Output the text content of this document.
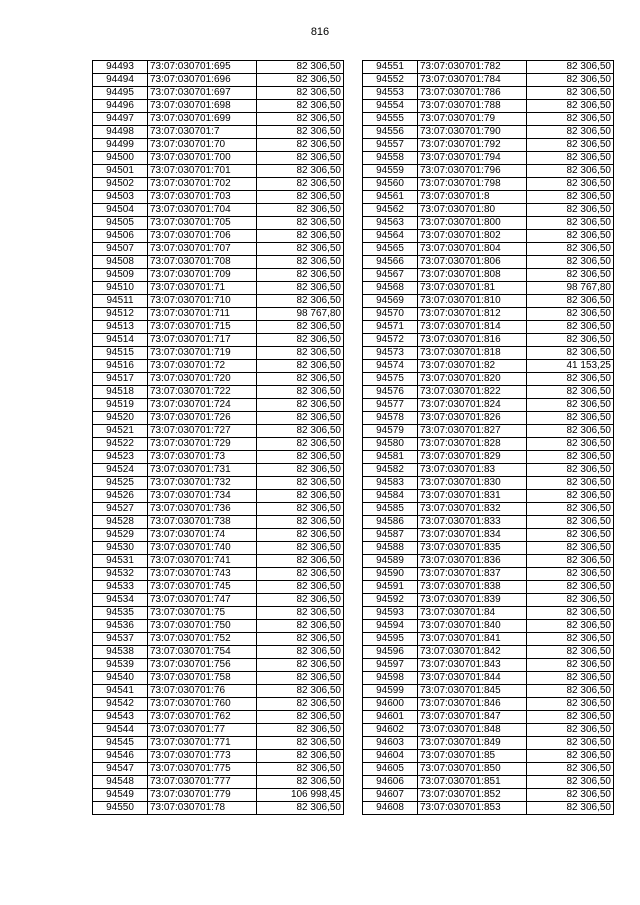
816
94493	73:07:030701:695	82 306,50
94494	73:07:030701:696	82 306,50
94495	73:07:030701:697	82 306,50
94496	73:07:030701:698	82 306,50
94497	73:07:030701:699	82 306,50
94498	73:07:030701:7	82 306,50
94499	73:07:030701:70	82 306,50
94500	73:07:030701:700	82 306,50
94501	73:07:030701:701	82 306,50
94502	73:07:030701:702	82 306,50
94503	73:07:030701:703	82 306,50
94504	73:07:030701:704	82 306,50
94505	73:07:030701:705	82 306,50
94506	73:07:030701:706	82 306,50
94507	73:07:030701:707	82 306,50
94508	73:07:030701:708	82 306,50
94509	73:07:030701:709	82 306,50
94510	73:07:030701:71	82 306,50
94511	73:07:030701:710	82 306,50
94512	73:07:030701:711	98 767,80
94513	73:07:030701:715	82 306,50
94514	73:07:030701:717	82 306,50
94515	73:07:030701:719	82 306,50
94516	73:07:030701:72	82 306,50
94517	73:07:030701:720	82 306,50
94518	73:07:030701:722	82 306,50
94519	73:07:030701:724	82 306,50
94520	73:07:030701:726	82 306,50
94521	73:07:030701:727	82 306,50
94522	73:07:030701:729	82 306,50
94523	73:07:030701:73	82 306,50
94524	73:07:030701:731	82 306,50
94525	73:07:030701:732	82 306,50
94526	73:07:030701:734	82 306,50
94527	73:07:030701:736	82 306,50
94528	73:07:030701:738	82 306,50
94529	73:07:030701:74	82 306,50
94530	73:07:030701:740	82 306,50
94531	73:07:030701:741	82 306,50
94532	73:07:030701:743	82 306,50
94533	73:07:030701:745	82 306,50
94534	73:07:030701:747	82 306,50
94535	73:07:030701:75	82 306,50
94536	73:07:030701:750	82 306,50
94537	73:07:030701:752	82 306,50
94538	73:07:030701:754	82 306,50
94539	73:07:030701:756	82 306,50
94540	73:07:030701:758	82 306,50
94541	73:07:030701:76	82 306,50
94542	73:07:030701:760	82 306,50
94543	73:07:030701:762	82 306,50
94544	73:07:030701:77	82 306,50
94545	73:07:030701:771	82 306,50
94546	73:07:030701:773	82 306,50
94547	73:07:030701:775	82 306,50
94548	73:07:030701:777	82 306,50
94549	73:07:030701:779	106 998,45
94550	73:07:030701:78	82 306,50
94551	73:07:030701:782	82 306,50
94552	73:07:030701:784	82 306,50
94553	73:07:030701:786	82 306,50
94554	73:07:030701:788	82 306,50
94555	73:07:030701:79	82 306,50
94556	73:07:030701:790	82 306,50
94557	73:07:030701:792	82 306,50
94558	73:07:030701:794	82 306,50
94559	73:07:030701:796	82 306,50
94560	73:07:030701:798	82 306,50
94561	73:07:030701:8	82 306,50
94562	73:07:030701:80	82 306,50
94563	73:07:030701:800	82 306,50
94564	73:07:030701:802	82 306,50
94565	73:07:030701:804	82 306,50
94566	73:07:030701:806	82 306,50
94567	73:07:030701:808	82 306,50
94568	73:07:030701:81	98 767,80
94569	73:07:030701:810	82 306,50
94570	73:07:030701:812	82 306,50
94571	73:07:030701:814	82 306,50
94572	73:07:030701:816	82 306,50
94573	73:07:030701:818	82 306,50
94574	73:07:030701:82	41 153,25
94575	73:07:030701:820	82 306,50
94576	73:07:030701:822	82 306,50
94577	73:07:030701:824	82 306,50
94578	73:07:030701:826	82 306,50
94579	73:07:030701:827	82 306,50
94580	73:07:030701:828	82 306,50
94581	73:07:030701:829	82 306,50
94582	73:07:030701:83	82 306,50
94583	73:07:030701:830	82 306,50
94584	73:07:030701:831	82 306,50
94585	73:07:030701:832	82 306,50
94586	73:07:030701:833	82 306,50
94587	73:07:030701:834	82 306,50
94588	73:07:030701:835	82 306,50
94589	73:07:030701:836	82 306,50
94590	73:07:030701:837	82 306,50
94591	73:07:030701:838	82 306,50
94592	73:07:030701:839	82 306,50
94593	73:07:030701:84	82 306,50
94594	73:07:030701:840	82 306,50
94595	73:07:030701:841	82 306,50
94596	73:07:030701:842	82 306,50
94597	73:07:030701:843	82 306,50
94598	73:07:030701:844	82 306,50
94599	73:07:030701:845	82 306,50
94600	73:07:030701:846	82 306,50
94601	73:07:030701:847	82 306,50
94602	73:07:030701:848	82 306,50
94603	73:07:030701:849	82 306,50
94604	73:07:030701:85	82 306,50
94605	73:07:030701:850	82 306,50
94606	73:07:030701:851	82 306,50
94607	73:07:030701:852	82 306,50
94608	73:07:030701:853	82 306,50
